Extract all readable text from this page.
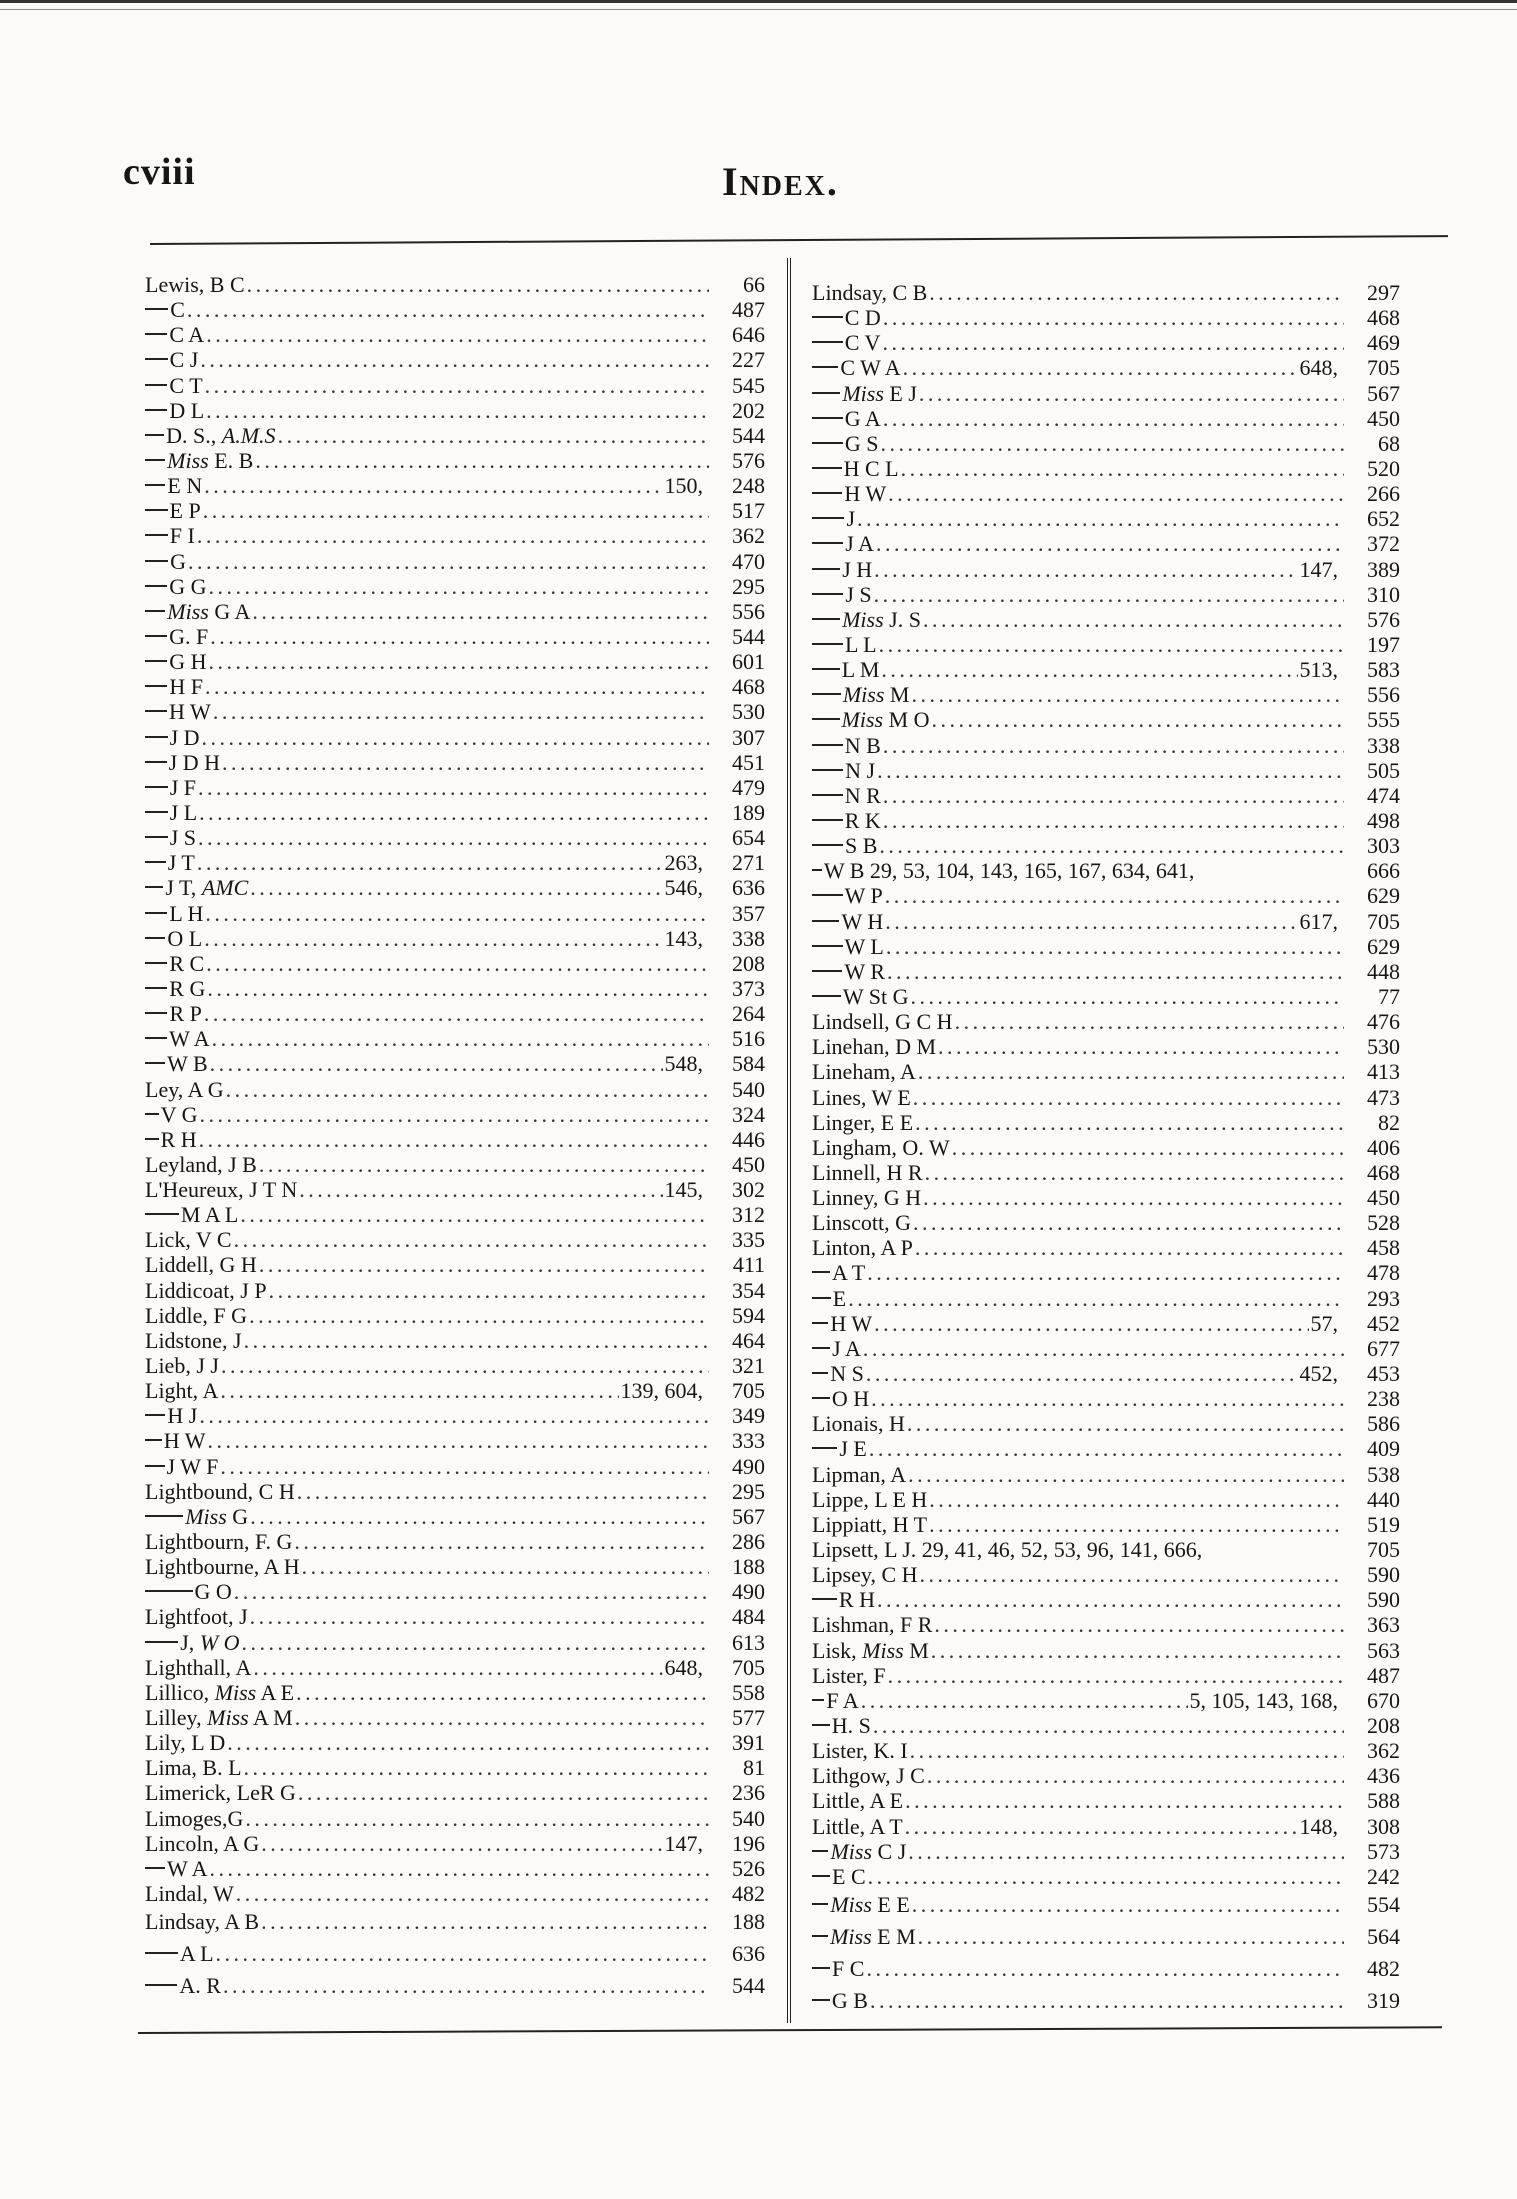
cviii	Index.
Lewis, B C .....	66
C .....	487
C A .....	646
C J .....	227
C T .....	545
D L .....	202
D. S., A.M.S .....	544
Miss E. B .....	576
E N .....	150,	248
E P .....	517
F I .....	362
G .....	470
G G .....	295
Miss G A .....	556
G. F .....	544
G H .....	601
H F .....	468
H W .....	530
J D .....	307
J D H .....	451
J F .....	479
J L .....	189
J S .....	654
J T .....	263,	271
J T, AMC .....	546,	636
L H .....	357
O L .....	143,	338
R C .....	208
R G .....	373
R P .....	264
W A .....	516
W B .....	548,	584
Ley, A G .....	540
V G .....	324
R H .....	446
Leyland, J B .....	450
L'Heureux, J T N .....	145,	302
M A L .....	312
Lick, V C .....	335
Liddell, G H .....	411
Liddicoat, J P .....	354
Liddle, F G .....	594
Lidstone, J .....	464
Lieb, J J .....	321
Light, A .....	139, 604,	705
H J .....	349
H W .....	333
J W F .....	490
Lightbound, C H .....	295
Miss G .....	567
Lightbourn, F. G .....	286
Lightbourne, A H .....	188
G O .....	490
Lightfoot, J .....	484
J, W O .....	613
Lighthall, A .....	648,	705
Lillico, Miss A E .....	558
Lilley, Miss A M .....	577
Lily, L D .....	391
Lima, B. L .....	81
Limerick, LeR G .....	236
Limoges,G .....	540
Lincoln, A G .....	147,	196
W A .....	526
Lindal, W .....	482
Lindsay, A B .....	188
A L .....	636
A. R .....	544
Lindsay, C B .....	297
C D .....	468
C V .....	469
C W A .....	648,	705
Miss E J .....	567
G A .....	450
G S .....	68
H C L .....	520
H W .....	266
J .....	652
J A .....	372
J H .....	147,	389
J S .....	310
Miss J. S .....	576
L L .....	197
L M .....	513,	583
Miss M .....	556
Miss M O .....	555
N B .....	338
N J .....	505
N R .....	474
R K .....	498
S B .....	303
W B 29, 53, 104, 143, 165, 167, 634, 641,	666
W P .....	629
W H .....	617,	705
W L .....	629
W R .....	448
W St G .....	77
Lindsell, G C H .....	476
Linehan, D M .....	530
Lineham, A .....	413
Lines, W E .....	473
Linger, E E .....	82
Lingham, O. W .....	406
Linnell, H R .....	468
Linney, G H .....	450
Linscott, G .....	528
Linton, A P .....	458
A T .....	478
E .....	293
H W .....	57,	452
J A .....	677
N S .....	452,	453
O H .....	238
Lionais, H .....	586
J E .....	409
Lipman, A .....	538
Lippe, L E H .....	440
Lippiatt, H T .....	519
Lipsett, L J. 29, 41, 46, 52, 53, 96, 141, 666,	705
Lipsey, C H .....	590
R H .....	590
Lishman, F R .....	363
Lisk, Miss M .....	563
Lister, F .....	487
F A .....	5, 105, 143, 168,	670
H. S .....	208
Lister, K. I .....	362
Lithgow, J C .....	436
Little, A E .....	588
Little, A T .....	148,	308
Miss C J .....	573
E C .....	242
Miss E E .....	554
Miss E M .....	564
F C .....	482
G B .....	319
